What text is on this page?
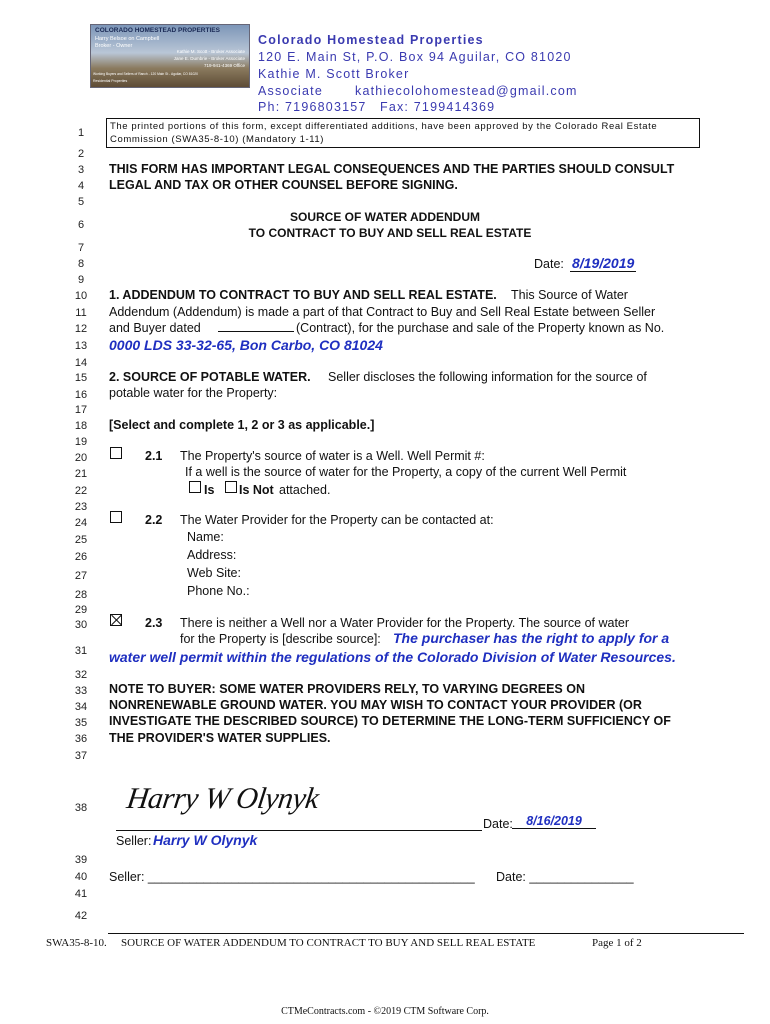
COLORADO HOMESTEAD PROPERTIES
Harry Belsoe on Campbell
Broker - Owner
Kathie M. Scott - Broker Associate
Jane E. Dumbrie - Broker Associate
719-941-4369 Office
Working Buyers and Sellers of Ranch - 120 Main St - Aguilar, CO 81020
Residential Properties
Colorado Homestead Properties
120 E. Main St, P.O. Box 94 Aguilar, CO 81020
Kathie M. Scott Broker
Associate	kathiecolohomestead@gmail.com
Ph: 7196803157 Fax: 7199414369
The printed portions of this form, except differentiated additions, have been approved by the Colorado Real Estate
Commission (SWA35-8-10) (Mandatory 1-11)
1
2
3
4
5
6
7
8
9
10
11
12
13
14
15
16
17
18
19
20
21
22
23
24
25
26
27
28
29
30
31
32
33
34
35
36
37
38
39
40
41
42
THIS FORM HAS IMPORTANT LEGAL CONSEQUENCES AND THE PARTIES SHOULD CONSULT
LEGAL AND TAX OR OTHER COUNSEL BEFORE SIGNING.
SOURCE OF WATER ADDENDUM
TO CONTRACT TO BUY AND SELL REAL ESTATE
Date: 8/19/2019
1. ADDENDUM TO CONTRACT TO BUY AND SELL REAL ESTATE. This Source of Water
Addendum (Addendum) is made a part of that Contract to Buy and Sell Real Estate between Seller
and Buyer dated	(Contract), for the purchase and sale of the Property known as No.
0000 LDS 33-32-65, Bon Carbo, CO 81024
2. SOURCE OF POTABLE WATER. Seller discloses the following information for the source of
potable water for the Property:
[Select and complete 1, 2 or 3 as applicable.]
2.1 The Property's source of water is a Well. Well Permit #:
If a well is the source of water for the Property, a copy of the current Well Permit
Is Is Not attached.
2.2 The Water Provider for the Property can be contacted at:
Name:
Address:
Web Site:
Phone No.:
2.3 There is neither a Well nor a Water Provider for the Property. The source of water
for the Property is [describe source]: The purchaser has the right to apply for a
water well permit within the regulations of the Colorado Division of Water Resources.
NOTE TO BUYER: SOME WATER PROVIDERS RELY, TO VARYING DEGREES ON
NONRENEWABLE GROUND WATER. YOU MAY WISH TO CONTACT YOUR PROVIDER (OR
INVESTIGATE THE DESCRIBED SOURCE) TO DETERMINE THE LONG-TERM SUFFICIENCY OF
THE PROVIDER'S WATER SUPPLIES.
Harry W Olynyk
Date:	8/16/2019
Seller: Harry W Olynyk
Seller: _______________________________________________ Date: _______________
SWA35-8-10. SOURCE OF WATER ADDENDUM TO CONTRACT TO BUY AND SELL REAL ESTATE	Page 1 of 2
CTMeContracts.com - ©2019 CTM Software Corp.
